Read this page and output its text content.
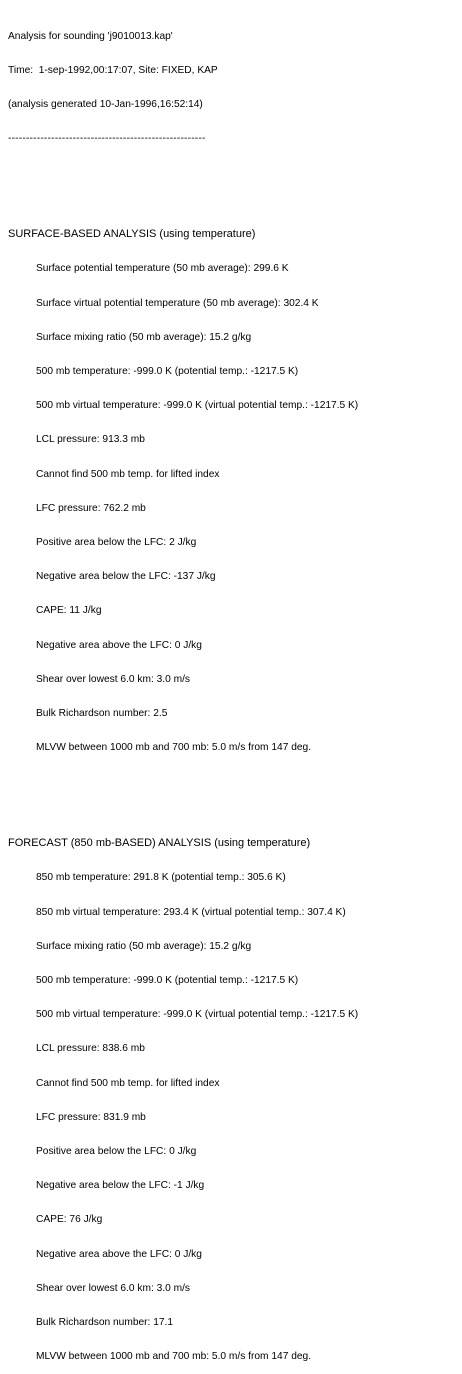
Analysis for sounding 'j9010013.kap'

Time:  1-sep-1992,00:17:07, Site: FIXED, KAP

(analysis generated 10-Jan-1996,16:52:14)

-------------------------------------------------------

SURFACE-BASED ANALYSIS (using temperature)

Surface potential temperature (50 mb average): 299.6 K

Surface virtual potential temperature (50 mb average): 302.4 K

Surface mixing ratio (50 mb average): 15.2 g/kg

500 mb temperature: -999.0 K (potential temp.: -1217.5 K)

500 mb virtual temperature: -999.0 K (virtual potential temp.: -1217.5 K)

LCL pressure: 913.3 mb

Cannot find 500 mb temp. for lifted index

LFC pressure: 762.2 mb

Positive area below the LFC: 2 J/kg

Negative area below the LFC: -137 J/kg

CAPE: 11 J/kg

Negative area above the LFC: 0 J/kg

Shear over lowest 6.0 km: 3.0 m/s

Bulk Richardson number: 2.5

MLVW between 1000 mb and 700 mb: 5.0 m/s from 147 deg.

FORECAST (850 mb-BASED) ANALYSIS (using temperature)

850 mb temperature: 291.8 K (potential temp.: 305.6 K)

850 mb virtual temperature: 293.4 K (virtual potential temp.: 307.4 K)

Surface mixing ratio (50 mb average): 15.2 g/kg

500 mb temperature: -999.0 K (potential temp.: -1217.5 K)

500 mb virtual temperature: -999.0 K (virtual potential temp.: -1217.5 K)

LCL pressure: 838.6 mb

Cannot find 500 mb temp. for lifted index

LFC pressure: 831.9 mb

Positive area below the LFC: 0 J/kg

Negative area below the LFC: -1 J/kg

CAPE: 76 J/kg

Negative area above the LFC: 0 J/kg

Shear over lowest 6.0 km: 3.0 m/s

Bulk Richardson number: 17.1

MLVW between 1000 mb and 700 mb: 5.0 m/s from 147 deg.
